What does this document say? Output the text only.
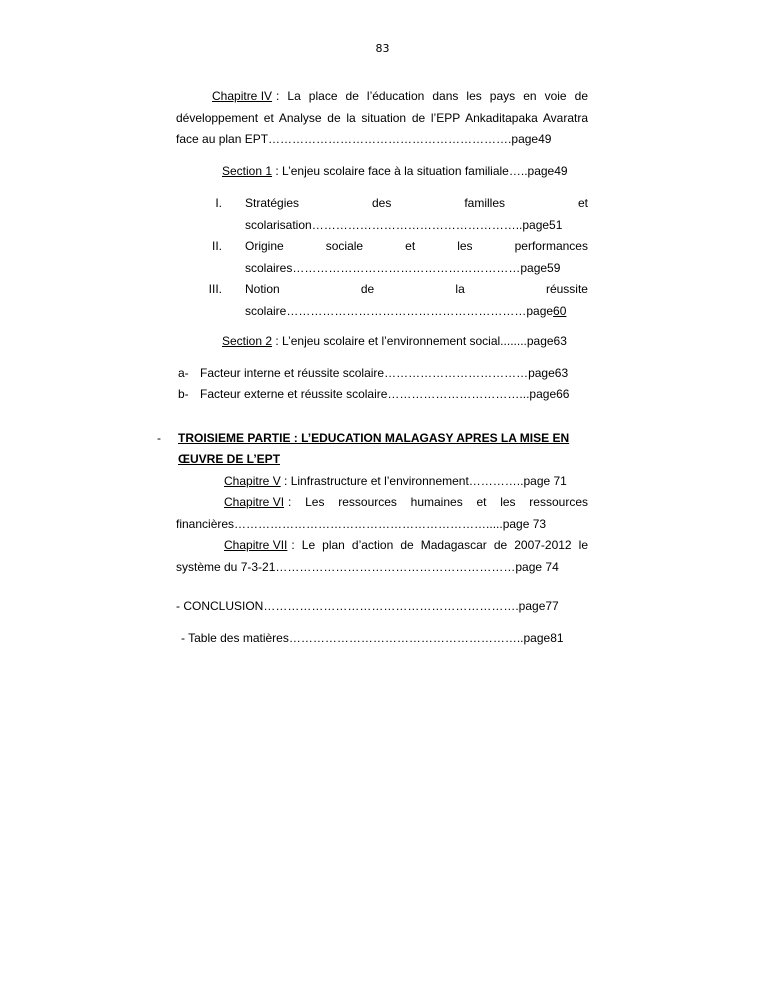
83
Chapitre IV : La place de l’éducation dans les pays en voie de
développement et Analyse de la situation de l’EPP Ankaditapaka Avaratra
face au plan EPT…………………………………………………….page49
Section 1 : L’enjeu scolaire face à la situation familiale…..page49
I. Stratégies	des	familles	et
scolarisation……………………………………………..page51
II. Origine	sociale	et	les	performances
scolaires…………………………………………………page59
III. Notion	de	la	réussite
scolaire……………………………………………………page60
Section 2 : L’enjeu scolaire et l’environnement social........page63
a- Facteur interne et réussite scolaire………………………………page63
b- Facteur externe et réussite scolaire……………………………...page66
- TROISIEME PARTIE : L’EDUCATION MALAGASY APRES LA MISE EN
ŒUVRE DE L’EPT
Chapitre V : Linfrastructure et l’environnement…………..page 71
Chapitre VI : Les ressources humaines et les ressources
financières……………………………………………………….....page 73
Chapitre VII : Le plan d’action de Madagascar de 2007-2012 le
système du 7-3-21……………………………………………………page 74
- CONCLUSION……………………………………………………….page77
- Table des matières…………………………………………………..page81
